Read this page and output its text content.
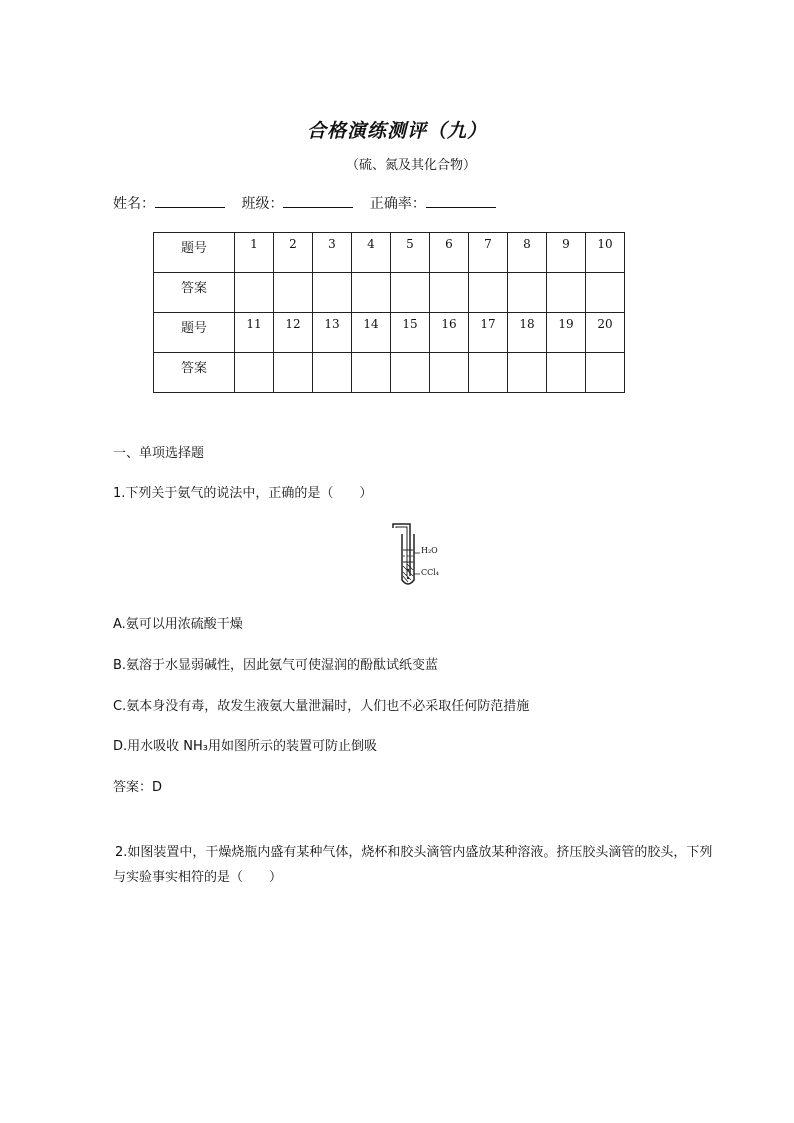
合格演练测评（九）
（硫、氮及其化合物）
姓名：	班级：	正确率：
题号	1	2	3	4	5	6	7	8	9	10
答案										
题号	11	12	13	14	15	16	17	18	19	20
答案										
一、单项选择题
1.下列关于氨气的说法中，正确的是（　　）
H₂O
CCl₄
A.氨可以用浓硫酸干燥
B.氨溶于水显弱碱性，因此氨气可使湿润的酚酞试纸变蓝
C.氨本身没有毒，故发生液氨大量泄漏时，人们也不必采取任何防范措施
D.用水吸收 NH₃用如图所示的装置可防止倒吸
答案：D
2.如图装置中，干燥烧瓶内盛有某种气体，烧杯和胶头滴管内盛放某种溶液。挤压胶头滴管的胶头，下列与实验事实相符的是（　　）
